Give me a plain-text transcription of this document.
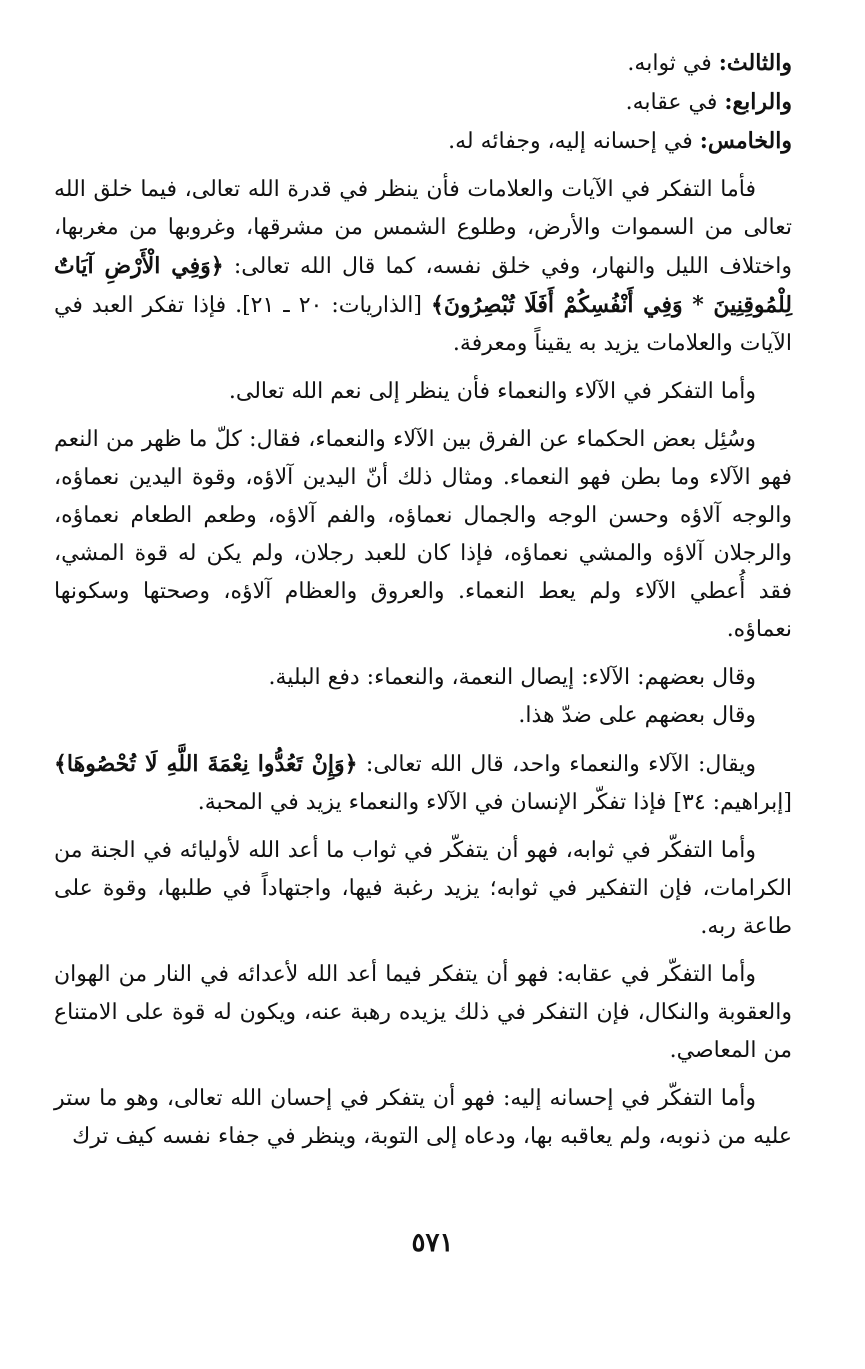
والثالث: في ثوابه.

والرابع: في عقابه.

والخامس: في إحسانه إليه، وجفائه له.

فأما التفكر في الآيات والعلامات فأن ينظر في قدرة الله تعالى، فيما خلق الله تعالى من السموات والأرض، وطلوع الشمس من مشرقها، وغروبها من مغربها، واختلاف الليل والنهار، وفي خلق نفسه، كما قال الله تعالى: ﴿وَفِي الْأَرْضِ آيَاتٌ لِلْمُوقِنِينَ * وَفِي أَنْفُسِكُمْ أَفَلَا تُبْصِرُونَ﴾ [الذاريات: ٢٠ ـ ٢١]. فإذا تفكر العبد في الآيات والعلامات يزيد به يقيناً ومعرفة.

وأما التفكر في الآلاء والنعماء فأن ينظر إلى نعم الله تعالى.

وسُئِل بعض الحكماء عن الفرق بين الآلاء والنعماء، فقال: كلّ ما ظهر من النعم فهو الآلاء وما بطن فهو النعماء. ومثال ذلك أنّ اليدين آلاؤه، وقوة اليدين نعماؤه، والوجه آلاؤه وحسن الوجه والجمال نعماؤه، والفم آلاؤه، وطعم الطعام نعماؤه، والرجلان آلاؤه والمشي نعماؤه، فإذا كان للعبد رجلان، ولم يكن له قوة المشي، فقد أُعطي الآلاء ولم يعط النعماء. والعروق والعظام آلاؤه، وصحتها وسكونها نعماؤه.

وقال بعضهم: الآلاء: إيصال النعمة، والنعماء: دفع البلية.

وقال بعضهم على ضدّ هذا.

ويقال: الآلاء والنعماء واحد، قال الله تعالى: ﴿وَإِنْ تَعُدُّوا نِعْمَةَ اللَّهِ لَا تُحْصُوهَا﴾ [إبراهيم: ٣٤] فإذا تفكّر الإنسان في الآلاء والنعماء يزيد في المحبة.

وأما التفكّر في ثوابه، فهو أن يتفكّر في ثواب ما أعد الله لأوليائه في الجنة من الكرامات، فإن التفكير في ثوابه؛ يزيد رغبة فيها، واجتهاداً في طلبها، وقوة على طاعة ربه.

وأما التفكّر في عقابه: فهو أن يتفكر فيما أعد الله لأعدائه في النار من الهوان والعقوبة والنكال، فإن التفكر في ذلك يزيده رهبة عنه، ويكون له قوة على الامتناع من المعاصي.

وأما التفكّر في إحسانه إليه: فهو أن يتفكر في إحسان الله تعالى، وهو ما ستر عليه من ذنوبه، ولم يعاقبه بها، ودعاه إلى التوبة، وينظر في جفاء نفسه كيف ترك

٥٧١
